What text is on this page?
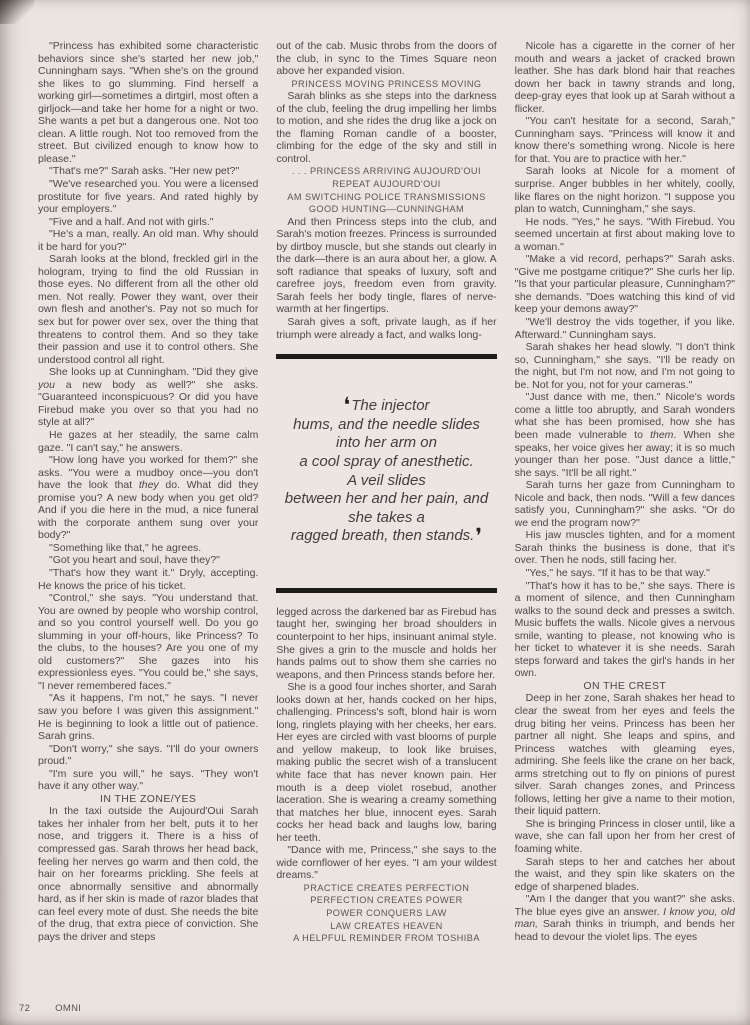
"Princess has exhibited some characteristic behaviors since she's started her new job," Cunningham says. "When she's on the ground she likes to go slumming. Find herself a working girl—sometimes a dirtgirl, most often a girljock—and take her home for a night or two. She wants a pet but a dangerous one. Not too clean. A little rough. Not too removed from the street. But civilized enough to know how to please."
"That's me?" Sarah asks. "Her new pet?"
"We've researched you. You were a licensed prostitute for five years. And rated highly by your employers."
"Five and a half. And not with girls."
"He's a man, really. An old man. Why should it be hard for you?"
Sarah looks at the blond, freckled girl in the hologram, trying to find the old Russian in those eyes. No different from all the other old men. Not really. Power they want, over their own flesh and another's. Pay not so much for sex but for power over sex, over the thing that threatens to control them. And so they take their passion and use it to control others. She understood control all right.
She looks up at Cunningham. "Did they give you a new body as well?" she asks. "Guaranteed inconspicuous? Or did you have Firebud make you over so that you had no style at all?"
He gazes at her steadily, the same calm gaze. "I can't say," he answers.
"How long have you worked for them?" she asks. "You were a mudboy once—you don't have the look that they do. What did they promise you? A new body when you get old? And if you die here in the mud, a nice funeral with the corporate anthem sung over your body?"
"Something like that," he agrees.
"Got you heart and soul, have they?"
"That's how they want it." Dryly, accepting. He knows the price of his ticket.
"Control," she says. "You understand that. You are owned by people who worship control, and so you control yourself well. Do you go slumming in your off-hours, like Princess? To the clubs, to the houses? Are you one of my old customers?" She gazes into his expressionless eyes. "You could be," she says, "I never remembered faces."
"As it happens, I'm not," he says. "I never saw you before I was given this assignment." He is beginning to look a little out of patience. Sarah grins.
"Don't worry," she says. "I'll do your owners proud."
"I'm sure you will," he says. "They won't have it any other way."
IN THE ZONE/YES
In the taxi outside the Aujourd'Oui Sarah takes her inhaler from her belt, puts it to her nose, and triggers it. There is a hiss of compressed gas. Sarah throws her head back, feeling her nerves go warm and then cold, the hair on her forearms prickling. She feels at once abnormally sensitive and abnormally hard, as if her skin is made of razor blades that can feel every mote of dust. She needs the bite of the drug, that extra piece of conviction. She pays the driver and steps
out of the cab. Music throbs from the doors of the club, in sync to the Times Square neon above her expanded vision.
PRINCESS MOVING PRINCESS MOVING
Sarah blinks as she steps into the darkness of the club, feeling the drug impelling her limbs to motion, and she rides the drug like a jock on the flaming Roman candle of a booster, climbing for the edge of the sky and still in control.
. . . PRINCESS ARRIVING AUJOURD'OUI
REPEAT AUJOURD'OUI
AM SWITCHING POLICE TRANSMISSIONS
GOOD HUNTING—CUNNINGHAM
And then Princess steps into the club, and Sarah's motion freezes. Princess is surrounded by dirtboy muscle, but she stands out clearly in the dark—there is an aura about her, a glow. A soft radiance that speaks of luxury, soft and carefree joys, freedom even from gravity. Sarah feels her body tingle, flares of nerve-warmth at her fingertips.
Sarah gives a soft, private laugh, as if her triumph were already a fact, and walks long-
❛The injector
hums, and the needle slides
into her arm on
a cool spray of anesthetic.
A veil slides
between her and her pain, and
she takes a
ragged breath, then stands.❜
legged across the darkened bar as Firebud has taught her, swinging her broad shoulders in counterpoint to her hips, insinuant animal style. She gives a grin to the muscle and holds her hands palms out to show them she carries no weapons, and then Princess stands before her.
She is a good four inches shorter, and Sarah looks down at her, hands cocked on her hips, challenging. Princess's soft, blond hair is worn long, ringlets playing with her cheeks, her ears. Her eyes are circled with vast blooms of purple and yellow makeup, to look like bruises, making public the secret wish of a translucent white face that has never known pain. Her mouth is a deep violet rosebud, another laceration. She is wearing a creamy something that matches her blue, innocent eyes. Sarah cocks her head back and laughs low, baring her teeth.
"Dance with me, Princess," she says to the wide cornflower of her eyes. "I am your wildest dreams."
PRACTICE CREATES PERFECTION
PERFECTION CREATES POWER
POWER CONQUERS LAW
LAW CREATES HEAVEN
A HELPFUL REMINDER FROM TOSHIBA
Nicole has a cigarette in the corner of her mouth and wears a jacket of cracked brown leather. She has dark blond hair that reaches down her back in tawny strands and long, deep-gray eyes that look up at Sarah without a flicker.
"You can't hesitate for a second, Sarah," Cunningham says. "Princess will know it and know there's something wrong. Nicole is here for that. You are to practice with her."
Sarah looks at Nicole for a moment of surprise. Anger bubbles in her whitely, coolly, like flares on the night horizon. "I suppose you plan to watch, Cunningham," she says.
He nods. "Yes," he says. "With Firebud. You seemed uncertain at first about making love to a woman."
"Make a vid record, perhaps?" Sarah asks. "Give me postgame critique?" She curls her lip. "Is that your particular pleasure, Cunningham?" she demands. "Does watching this kind of vid keep your demons away?"
"We'll destroy the vids together, if you like. Afterward." Cunningham says.
Sarah shakes her head slowly. "I don't think so, Cunningham," she says. "I'll be ready on the night, but I'm not now, and I'm not going to be. Not for you, not for your cameras."
"Just dance with me, then." Nicole's words come a little too abruptly, and Sarah wonders what she has been promised, how she has been made vulnerable to them. When she speaks, her voice gives her away; it is so much younger than her pose. "Just dance a little," she says. "It'll be all right."
Sarah turns her gaze from Cunningham to Nicole and back, then nods. "Will a few dances satisfy you, Cunningham?" she asks. "Or do we end the program now?"
His jaw muscles tighten, and for a moment Sarah thinks the business is done, that it's over. Then he nods, still facing her.
"Yes," he says. "If it has to be that way."
"That's how it has to be," she says. There is a moment of silence, and then Cunningham walks to the sound deck and presses a switch. Music buffets the walls. Nicole gives a nervous smile, wanting to please, not knowing who is her ticket to whatever it is she needs. Sarah steps forward and takes the girl's hands in her own.
ON THE CREST
Deep in her zone, Sarah shakes her head to clear the sweat from her eyes and feels the drug biting her veins. Princess has been her partner all night. She leaps and spins, and Princess watches with gleaming eyes, admiring. She feels like the crane on her back, arms stretching out to fly on pinions of purest silver. Sarah changes zones, and Princess follows, letting her give a name to their motion, their liquid pattern.
She is bringing Princess in closer until, like a wave, she can fall upon her from her crest of foaming white.
Sarah steps to her and catches her about the waist, and they spin like skaters on the edge of sharpened blades.
"Am I the danger that you want?" she asks. The blue eyes give an answer. I know you, old man, Sarah thinks in triumph, and bends her head to devour the violet lips. The eyes
72	OMNI
